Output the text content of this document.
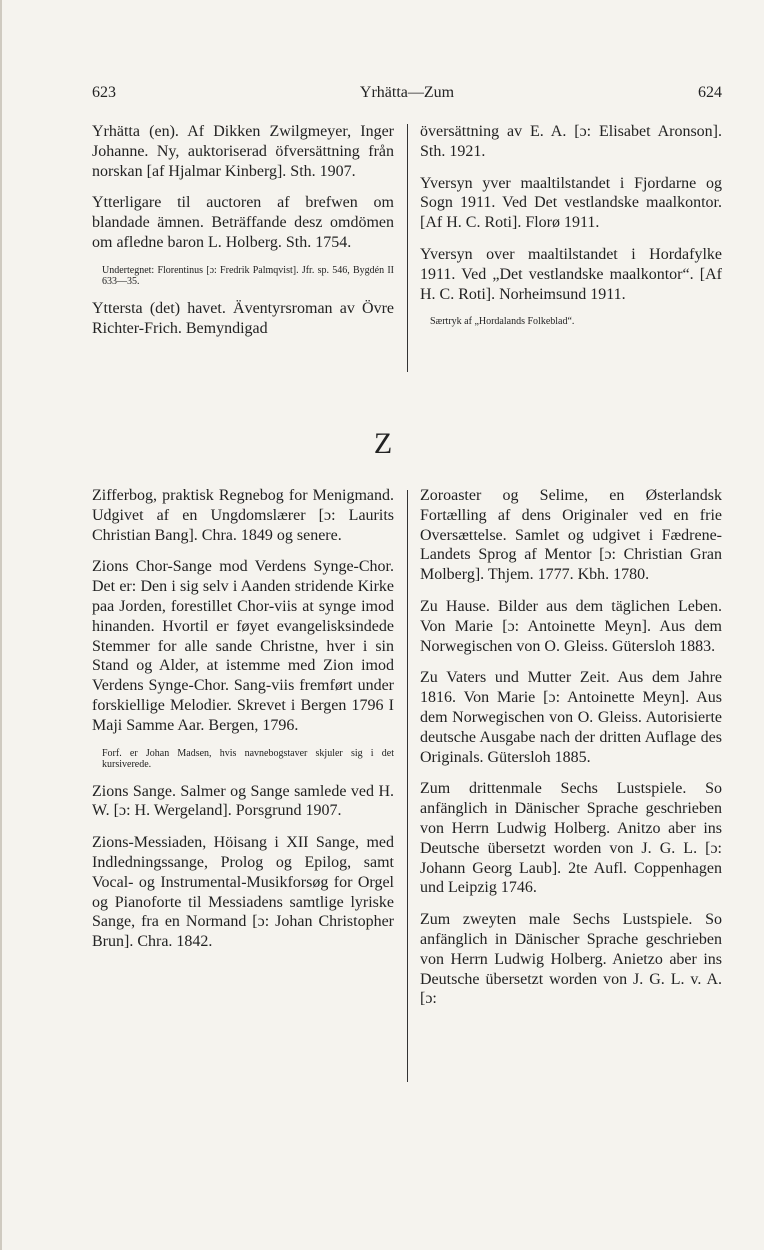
623	Yrhätta—Zum	624

Yrhätta (en). Af Dikken Zwilgmeyer, Inger Johanne. Ny, auktoriserad öfversättning från norskan [af Hjalmar Kinberg]. Sth. 1907.

Ytterligare til auctoren af brefwen om blandade ämnen. Beträffande desz omdömen om afledne baron L. Holberg. Sth. 1754.

Undertegnet: Florentinus [ɔ: Fredrik Palmqvist]. Jfr. sp. 546, Bygdén II 633—35.

Yttersta (det) havet. Äventyrsroman av Övre Richter-Frich. Bemyndigad

översättning av E. A. [ɔ: Elisabet Aronson]. Sth. 1921.

Yversyn yver maaltilstandet i Fjordarne og Sogn 1911. Ved Det vestlandske maalkontor. [Af H. C. Roti]. Florø 1911.

Yversyn over maaltilstandet i Hordafylke 1911. Ved „Det vestlandske maalkontor“. [Af H. C. Roti]. Norheimsund 1911.

Særtryk af „Hordalands Folkeblad“.

Z

Zifferbog, praktisk Regnebog for Menigmand. Udgivet af en Ungdomslærer [ɔ: Laurits Christian Bang]. Chra. 1849 og senere.

Zions Chor-Sange mod Verdens Synge-Chor. Det er: Den i sig selv i Aanden stridende Kirke paa Jorden, forestillet Chor-viis at synge imod hinanden. Hvortil er føyet evangelisksindede Stemmer for alle sande Christne, hver i sin Stand og Alder, at istemme med Zion imod Verdens Synge-Chor. Sang-viis fremført under forskiellige Melodier. Skrevet i Bergen 1796 I Maji Samme Aar. Bergen, 1796.

Forf. er Johan Madsen, hvis navnebogstaver skjuler sig i det kursiverede.

Zions Sange. Salmer og Sange samlede ved H. W. [ɔ: H. Wergeland]. Porsgrund 1907.

Zions-Messiaden, Höisang i XII Sange, med Indledningssange, Prolog og Epilog, samt Vocal- og Instrumental-Musikforsøg for Orgel og Pianoforte til Messiadens samtlige lyriske Sange, fra en Normand [ɔ: Johan Christopher Brun]. Chra. 1842.

Zoroaster og Selime, en Østerlandsk Fortælling af dens Originaler ved en frie Oversættelse. Samlet og udgivet i Fædrene-Landets Sprog af Mentor [ɔ: Christian Gran Molberg]. Thjem. 1777. Kbh. 1780.

Zu Hause. Bilder aus dem täglichen Leben. Von Marie [ɔ: Antoinette Meyn]. Aus dem Norwegischen von O. Gleiss. Gütersloh 1883.

Zu Vaters und Mutter Zeit. Aus dem Jahre 1816. Von Marie [ɔ: Antoinette Meyn]. Aus dem Norwegischen von O. Gleiss. Autorisierte deutsche Ausgabe nach der dritten Auflage des Originals. Gütersloh 1885.

Zum drittenmale Sechs Lustspiele. So anfänglich in Dänischer Sprache geschrieben von Herrn Ludwig Holberg. Anitzo aber ins Deutsche übersetzt worden von J. G. L. [ɔ: Johann Georg Laub]. 2te Aufl. Coppenhagen und Leipzig 1746.

Zum zweyten male Sechs Lustspiele. So anfänglich in Dänischer Sprache geschrieben von Herrn Ludwig Holberg. Anietzo aber ins Deutsche übersetzt worden von J. G. L. v. A. [ɔ:
